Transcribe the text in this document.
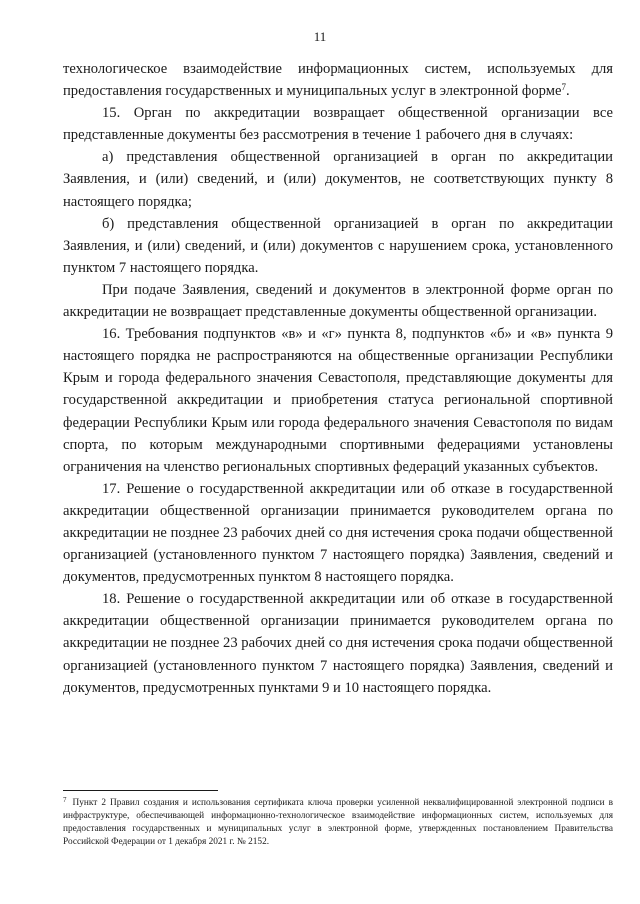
11

технологическое взаимодействие информационных систем, используемых для предоставления государственных и муниципальных услуг в электронной форме$^7$.

15. Орган по аккредитации возвращает общественной организации все представленные документы без рассмотрения в течение 1 рабочего дня в случаях:

а) представления общественной организацией в орган по аккредитации Заявления, и (или) сведений, и (или) документов, не соответствующих пункту 8 настоящего порядка;

б) представления общественной организацией в орган по аккредитации Заявления, и (или) сведений, и (или) документов с нарушением срока, установленного пунктом 7 настоящего порядка.

При подаче Заявления, сведений и документов в электронной форме орган по аккредитации не возвращает представленные документы общественной организации.

16. Требования подпунктов «в» и «г» пункта 8, подпунктов «б» и «в» пункта 9 настоящего порядка не распространяются на общественные организации Республики Крым и города федерального значения Севастополя, представляющие документы для государственной аккредитации и приобретения статуса региональной спортивной федерации Республики Крым или города федерального значения Севастополя по видам спорта, по которым международными спортивными федерациями установлены ограничения на членство региональных спортивных федераций указанных субъектов.

17. Решение о государственной аккредитации или об отказе в государственной аккредитации общественной организации принимается руководителем органа по аккредитации не позднее 23 рабочих дней со дня истечения срока подачи общественной организацией (установленного пунктом 7 настоящего порядка) Заявления, сведений и документов, предусмотренных пунктом 8 настоящего порядка.

18. Решение о государственной аккредитации или об отказе в государственной аккредитации общественной организации принимается руководителем органа по аккредитации не позднее 23 рабочих дней со дня истечения срока подачи общественной организацией (установленного пунктом 7 настоящего порядка) Заявления, сведений и документов, предусмотренных пунктами 9 и 10 настоящего порядка.

$^7$ Пункт 2 Правил создания и использования сертификата ключа проверки усиленной неквалифицированной электронной подписи в инфраструктуре, обеспечивающей информационно-технологическое взаимодействие информационных систем, используемых для предоставления государственных и муниципальных услуг в электронной форме, утвержденных постановлением Правительства Российской Федерации от 1 декабря 2021 г. № 2152.
